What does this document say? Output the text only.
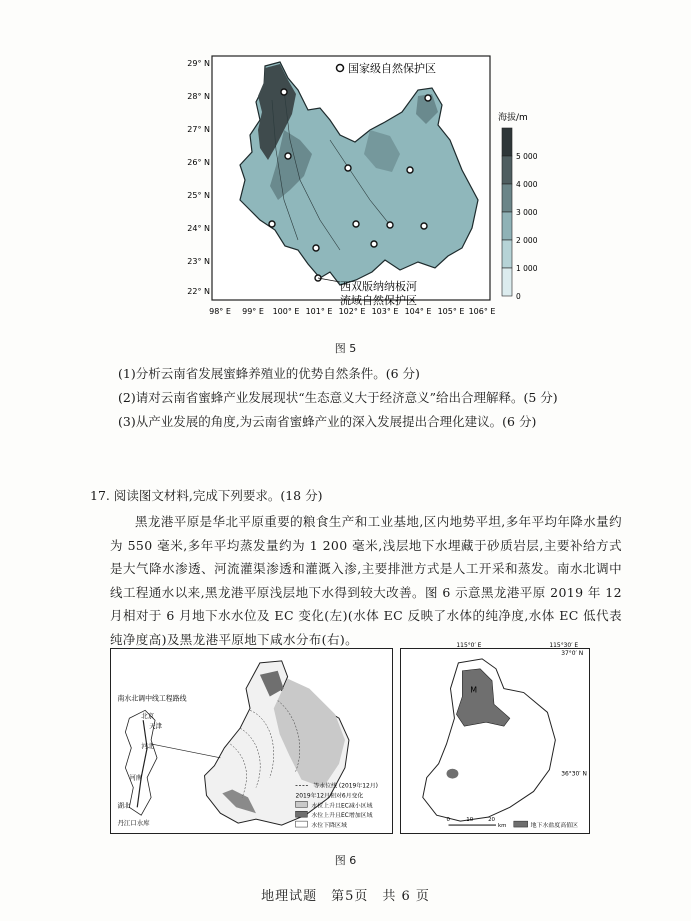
国家级自然保护区
西双版纳纳板河
流域自然保护区
29° N
28° N
27° N
26° N
25° N
24° N
23° N
22° N
98° E 99° E 100° E 101° E 102° E 103° E 104° E 105° E 106° E
海拔/m
5 000
4 000
3 000
2 000
1 000
0
图 5
(1)分析云南省发展蜜蜂养殖业的优势自然条件。(6 分)
(2)请对云南省蜜蜂产业发展现状“生态意义大于经济意义”给出合理解释。(5 分)
(3)从产业发展的角度,为云南省蜜蜂产业的深入发展提出合理化建议。(6 分)
17. 阅读图文材料,完成下列要求。(18 分)
黑龙港平原是华北平原重要的粮食生产和工业基地,区内地势平坦,多年平均年降水量约为 550 毫米,多年平均蒸发量约为 1 200 毫米,浅层地下水埋藏于砂质岩层,主要补给方式是大气降水渗透、河流灌渠渗透和灌溉入渗,主要排泄方式是人工开采和蒸发。南水北调中线工程通水以来,黑龙港平原浅层地下水得到较大改善。图 6 示意黑龙港平原 2019 年 12 月相对于 6 月地下水水位及 EC 变化(左)(水体 EC 反映了水体的纯净度,水体 EC 低代表纯净度高)及黑龙港平原地下咸水分布(右)。
南水北调中线工程路线
北京
天津
河北
河南
湖北
丹江口水库
等水位线 (2019年12月)
2019年12月相对6月变化
水位上升且EC减小区域
水位上升且EC增加区域
水位下降区域
115°0′ E	115°30′ E
37°0′ N
36°30′ N
M
0	10	20
km	地下水盐度高值区
图 6
地理试题　第5页　共 6 页
